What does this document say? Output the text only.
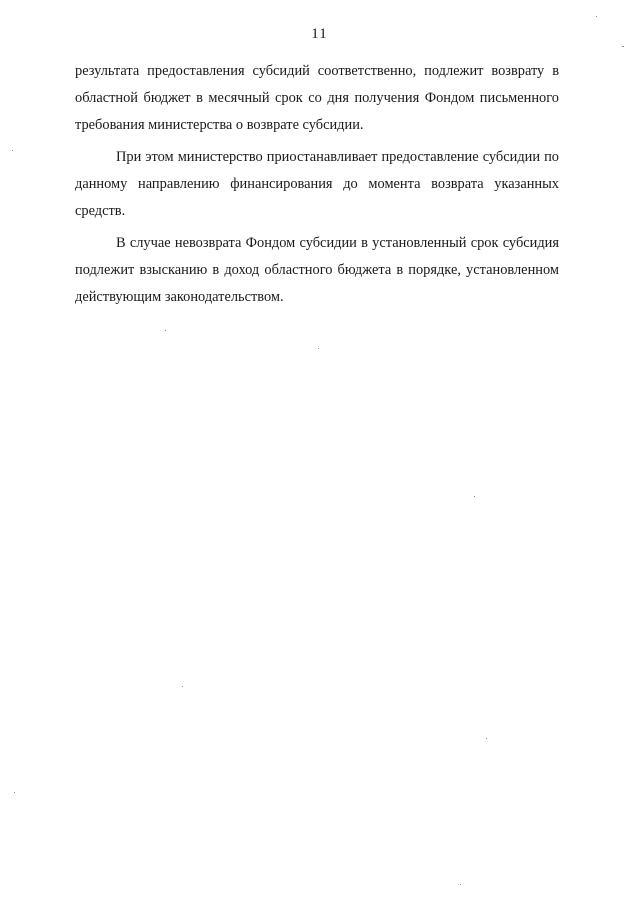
11

результата предоставления субсидий соответственно, подлежит возврату в областной бюджет в месячный срок со дня получения Фондом письменного требования министерства о возврате субсидии.

При этом министерство приостанавливает предоставление субсидии по данному направлению финансирования до момента возврата указанных средств.

В случае невозврата Фондом субсидии в установленный срок субсидия подлежит взысканию в доход областного бюджета в порядке, установленном действующим законодательством.
